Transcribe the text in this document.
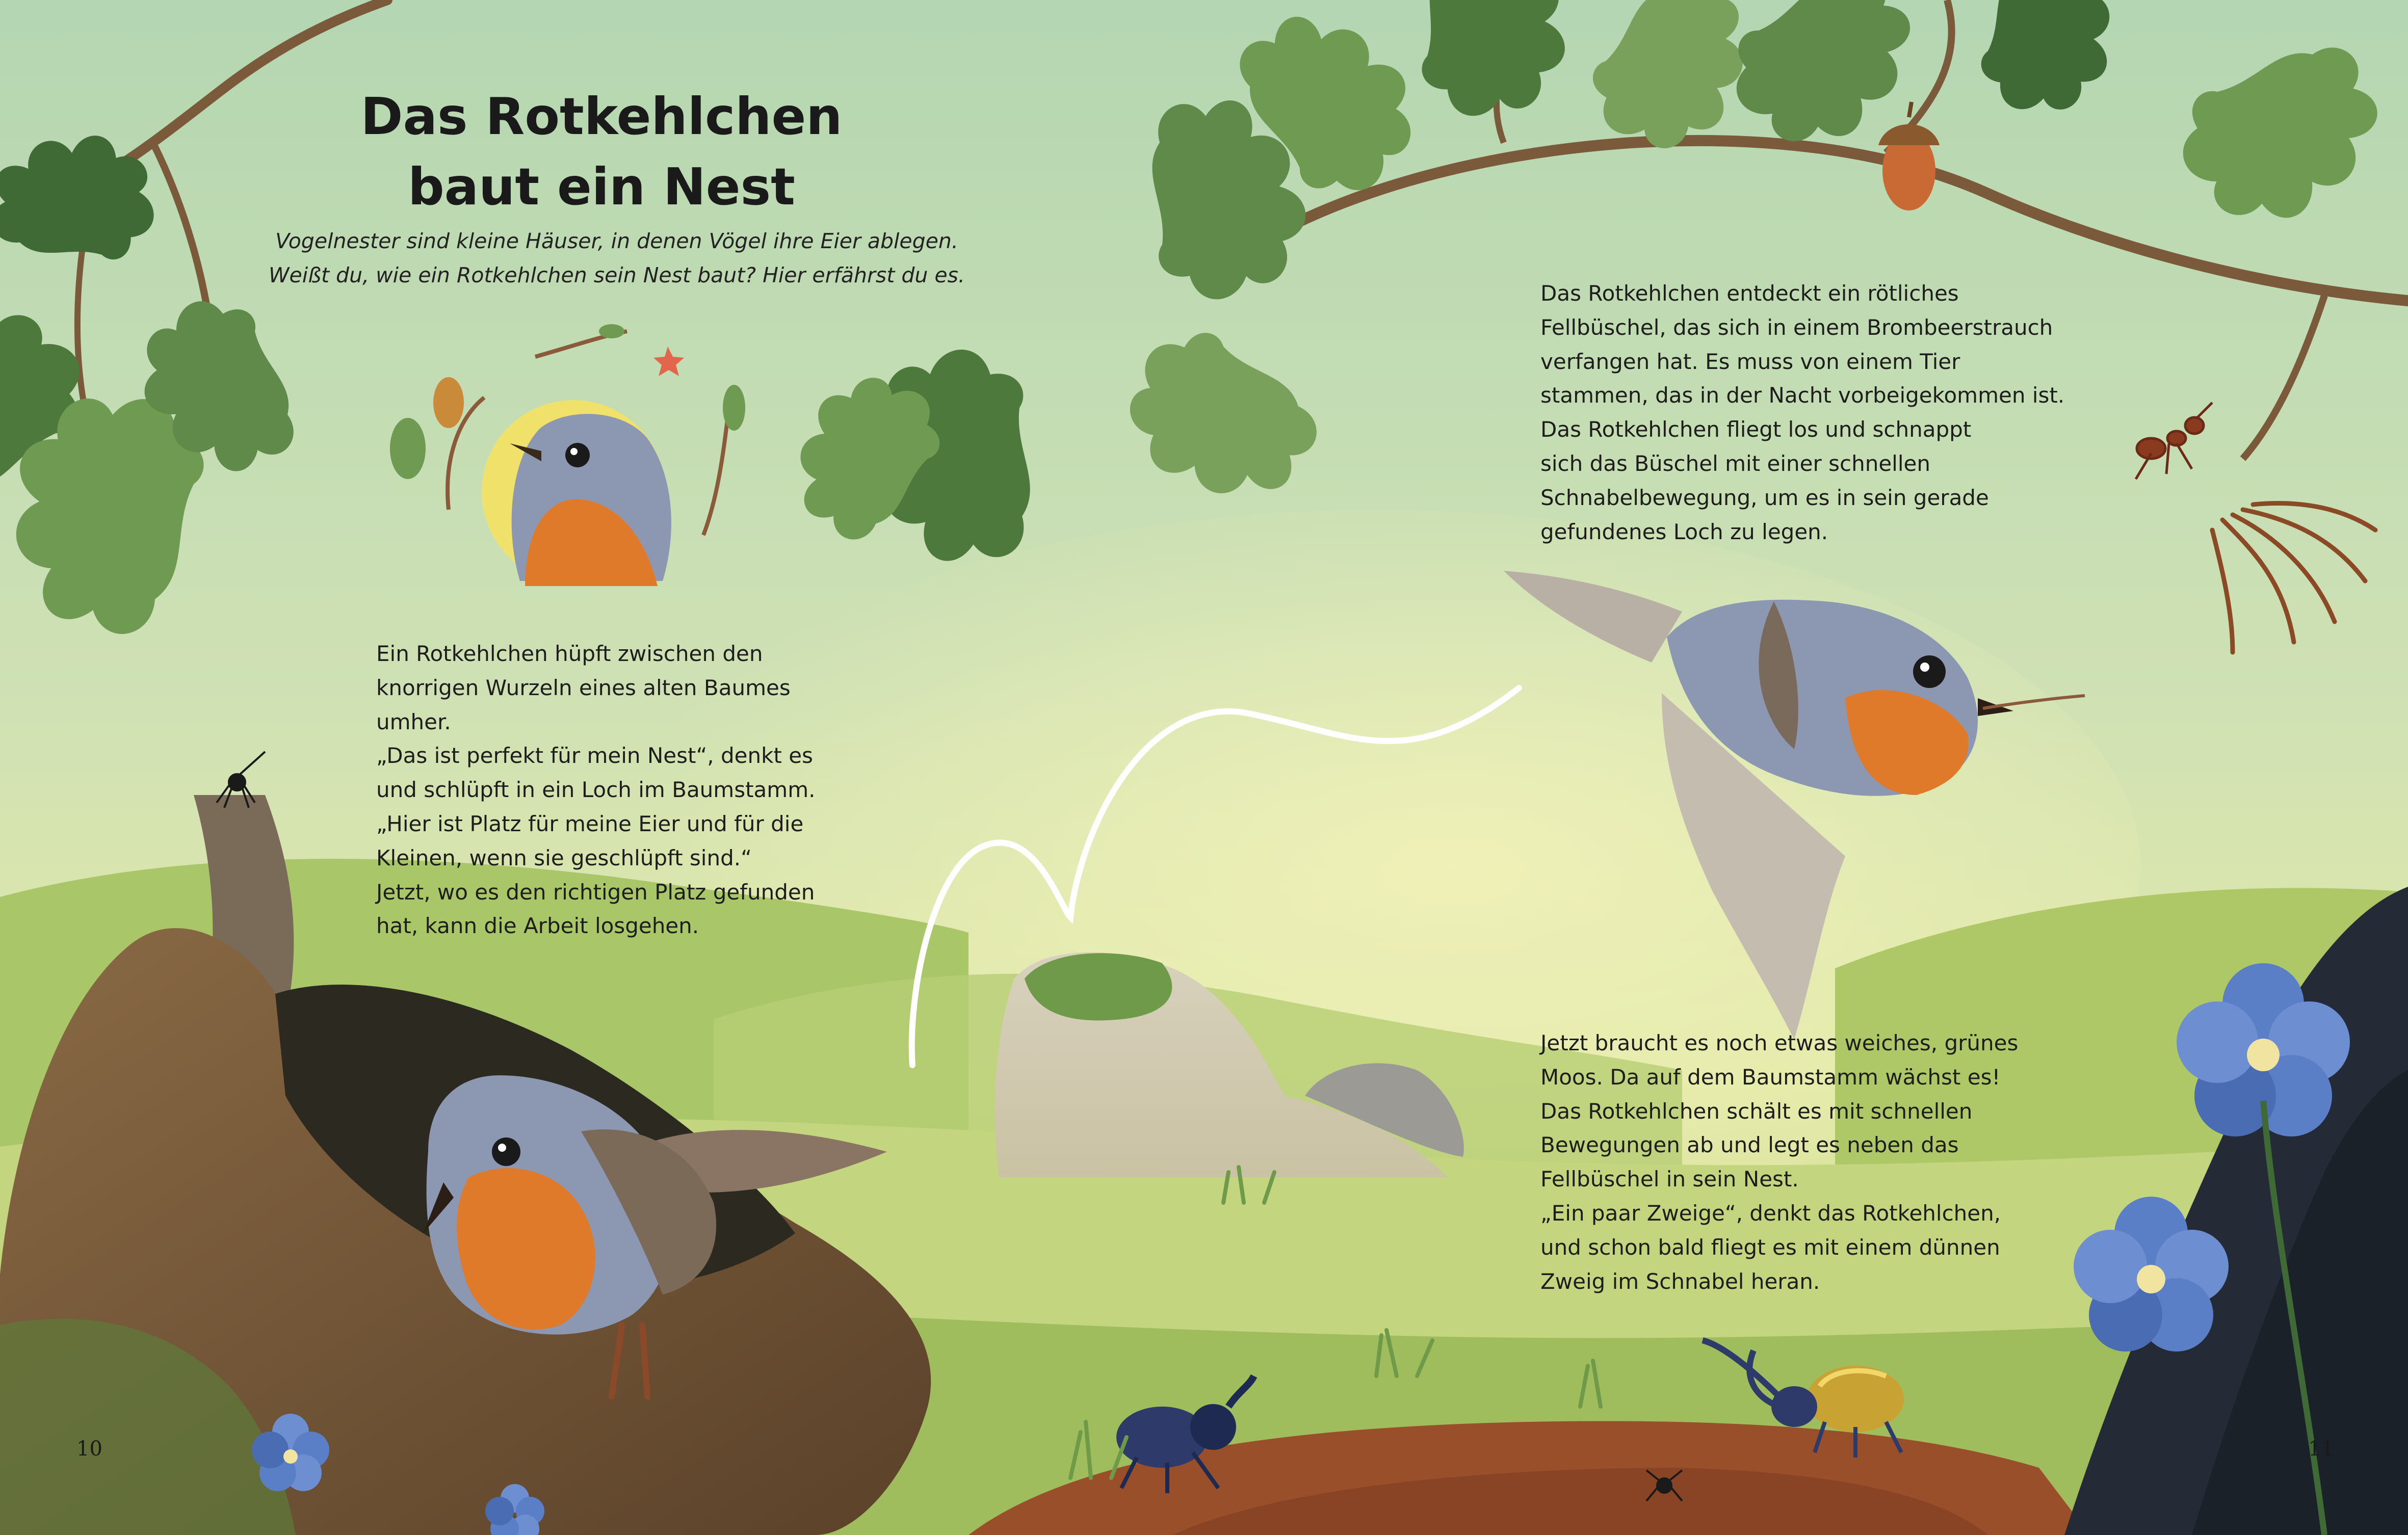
Das Rotkehlchen
baut ein Nest
Vogelnester sind kleine Häuser, in denen Vögel ihre Eier ablegen.
Weißt du, wie ein Rotkehlchen sein Nest baut? Hier erfährst du es.
Ein Rotkehlchen hüpft zwischen den
knorrigen Wurzeln eines alten Baumes
umher.
„Das ist perfekt für mein Nest“, denkt es
und schlüpft in ein Loch im Baumstamm.
„Hier ist Platz für meine Eier und für die
Kleinen, wenn sie geschlüpft sind.“
Jetzt, wo es den richtigen Platz gefunden
hat, kann die Arbeit losgehen.
Das Rotkehlchen entdeckt ein rötliches
Fellbüschel, das sich in einem Brombeerstrauch
verfangen hat. Es muss von einem Tier
stammen, das in der Nacht vorbeigekommen ist.
Das Rotkehlchen fliegt los und schnappt
sich das Büschel mit einer schnellen
Schnabelbewegung, um es in sein gerade
gefundenes Loch zu legen.
Jetzt braucht es noch etwas weiches, grünes
Moos. Da auf dem Baumstamm wächst es!
Das Rotkehlchen schält es mit schnellen
Bewegungen ab und legt es neben das
Fellbüschel in sein Nest.
„Ein paar Zweige“, denkt das Rotkehlchen,
und schon bald fliegt es mit einem dünnen
Zweig im Schnabel heran.
10	11
